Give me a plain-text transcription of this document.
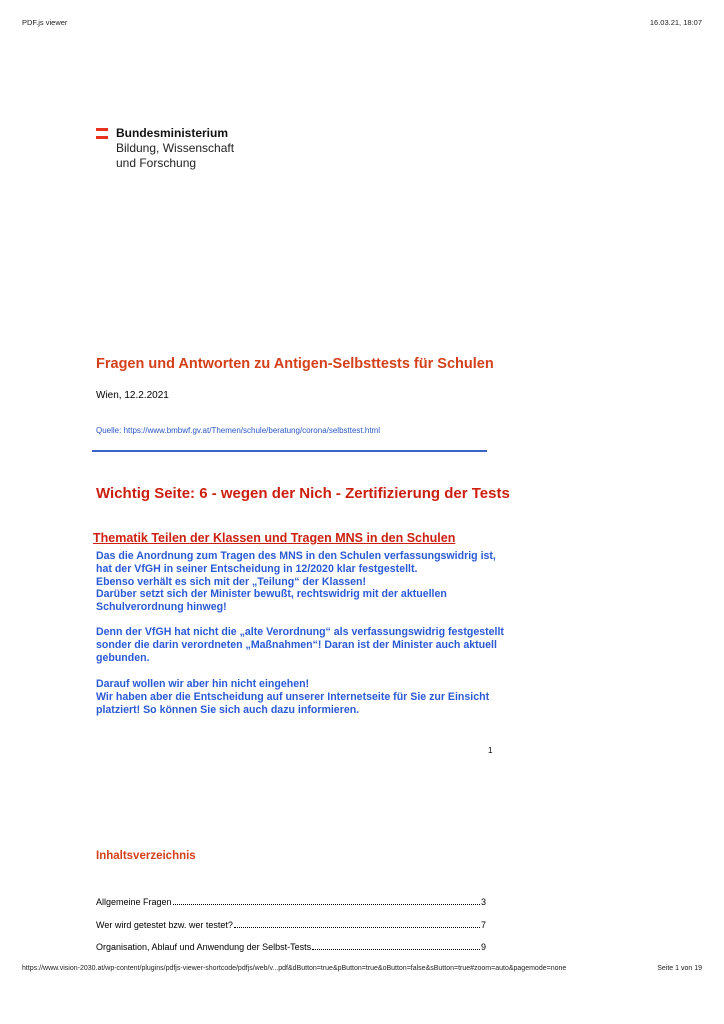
PDF.js viewer	16.03.21, 18:07
Bundesministerium
Bildung, Wissenschaft
und Forschung
Fragen und Antworten zu Antigen-Selbsttests für Schulen
Wien, 12.2.2021
Quelle: https://www.bmbwf.gv.at/Themen/schule/beratung/corona/selbsttest.html
Wichtig Seite: 6 - wegen der Nich - Zertifizierung der Tests
Thematik Teilen der Klassen und Tragen MNS in den Schulen
Das die Anordnung zum Tragen des MNS in den Schulen verfassungswidrig ist,
hat der VfGH in seiner Entscheidung in 12/2020 klar festgestellt.
Ebenso verhält es sich mit der „Teilung“ der Klassen!
Darüber setzt sich der Minister bewußt, rechtswidrig mit der aktuellen
Schulverordnung hinweg!
Denn der VfGH hat nicht die „alte Verordnung“ als verfassungswidrig festgestellt
sonder die darin verordneten „Maßnahmen“! Daran ist der Minister auch aktuell
gebunden.
Darauf wollen wir aber hin nicht eingehen!
Wir haben aber die Entscheidung auf unserer Internetseite für Sie zur Einsicht
platziert! So können Sie sich auch dazu informieren.
1
Inhaltsverzeichnis
Allgemeine Fragen	3
Wer wird getestet bzw. wer testet?	7
Organisation, Ablauf und Anwendung der Selbst-Tests	9
https://www.vision-2030.at/wp-content/plugins/pdfjs-viewer-shortcode/pdfjs/web/v...pdf&dButton=true&pButton=true&oButton=false&sButton=true#zoom=auto&pagemode=none	Seite 1 von 19
